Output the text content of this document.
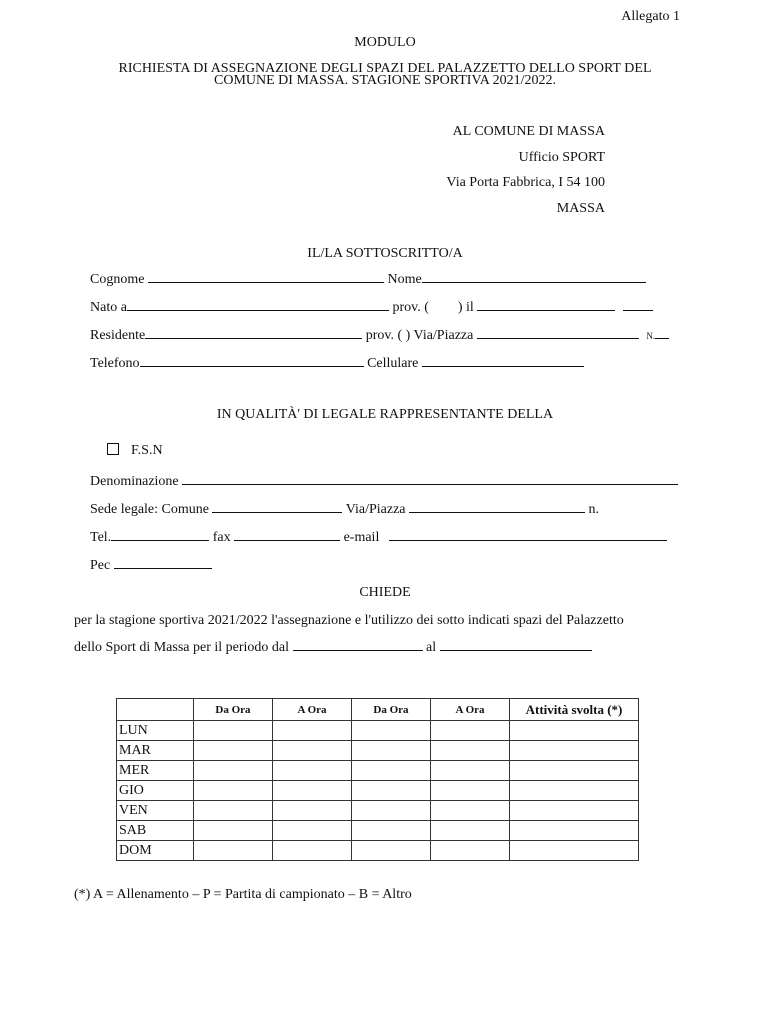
Allegato 1
MODULO
RICHIESTA DI ASSEGNAZIONE DEGLI SPAZI DEL PALAZZETTO DELLO SPORT DEL
COMUNE DI MASSA. STAGIONE SPORTIVA 2021/2022.
AL COMUNE DI MASSA
Ufficio SPORT
Via Porta Fabbrica, I 54 100
MASSA
IL/LA SOTTOSCRITTO/A
Cognome	Nome
Nato a	prov. ( ) il
Residente	prov. ( ) Via/Piazza	N.
Telefono	Cellulare
IN QUALITÀ' DI LEGALE RAPPRESENTANTE DELLA
F.S.N
Denominazione
Sede legale: Comune	Via/Piazza	n.
Tel.	fax	e-mail
Pec
CHIEDE
per la stagione sportiva 2021/2022 l'assegnazione e l'utilizzo dei sotto indicati spazi del Palazzetto
dello Sport di Massa per il periodo dal	al
	Da Ora	A Ora	Da Ora	A Ora	Attività svolta (*)
LUN					
MAR					
MER					
GIO					
VEN					
SAB					
DOM					
(*) A = Allenamento – P = Partita di campionato – B = Altro
